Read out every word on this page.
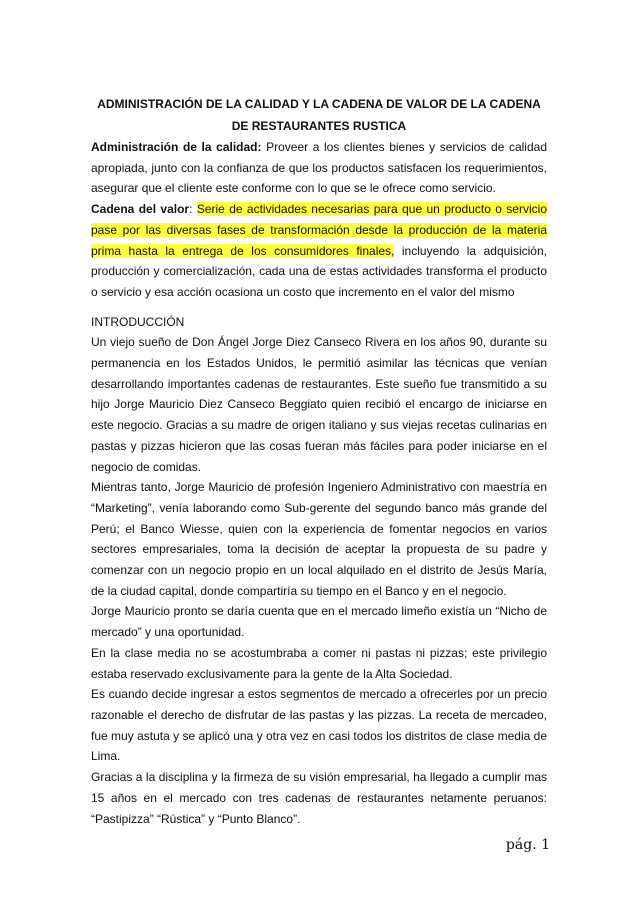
ADMINISTRACIÓN DE LA CALIDAD Y LA CADENA DE VALOR DE LA CADENA DE RESTAURANTES RUSTICA

Administración de la calidad: Proveer a los clientes bienes y servicios de calidad apropiada, junto con la confianza de que los productos satisfacen los requerimientos, asegurar que el cliente este conforme con lo que se le ofrece como servicio.

Cadena del valor: Serie de actividades necesarias para que un producto o servicio pase por las diversas fases de transformación desde la producción de la materia prima hasta la entrega de los consumidores finales, incluyendo la adquisición, producción y comercialización, cada una de estas actividades transforma el producto o servicio y esa acción ocasiona un costo que incremento en el valor del mismo

INTRODUCCIÓN

Un viejo sueño de Don Ángel Jorge Diez Canseco Rivera en los años 90, durante su permanencia en los Estados Unidos, le permitió asimilar las técnicas que venían desarrollando importantes cadenas de restaurantes. Este sueño fue transmitido a su hijo Jorge Mauricio Diez Canseco Beggiato quien recibió el encargo de iniciarse en este negocio. Gracias a su madre de origen italiano y sus viejas recetas culinarias en pastas y pizzas hicieron que las cosas fueran más fáciles para poder iniciarse en el negocio de comidas.

Mientras tanto, Jorge Mauricio de profesión Ingeniero Administrativo con maestría en “Marketing”, venía laborando como Sub-gerente del segundo banco más grande del Perú; el Banco Wiesse, quien con la experiencia de fomentar negocios en varios sectores empresariales, toma la decisión de aceptar la propuesta de su padre y comenzar con un negocio propio en un local alquilado en el distrito de Jesús María, de la ciudad capital, donde compartiría su tiempo en el Banco y en el negocio.

Jorge Mauricio pronto se daría cuenta que en el mercado limeño existía un “Nicho de mercado” y una oportunidad.

En la clase media no se acostumbraba a comer ni pastas ni pizzas; este privilegio estaba reservado exclusivamente para la gente de la Alta Sociedad.

Es cuando decide ingresar a estos segmentos de mercado a ofrecerles por un precio razonable el derecho de disfrutar de las pastas y las pizzas. La receta de mercadeo, fue muy astuta y se aplicó una y otra vez en casi todos los distritos de clase media de Lima.

Gracias a la disciplina y la firmeza de su visión empresarial, ha llegado a cumplir mas 15 años en el mercado con tres cadenas de restaurantes netamente peruanos: “Pastipizza” “Rústica” y “Punto Blanco”.

pág. 1
